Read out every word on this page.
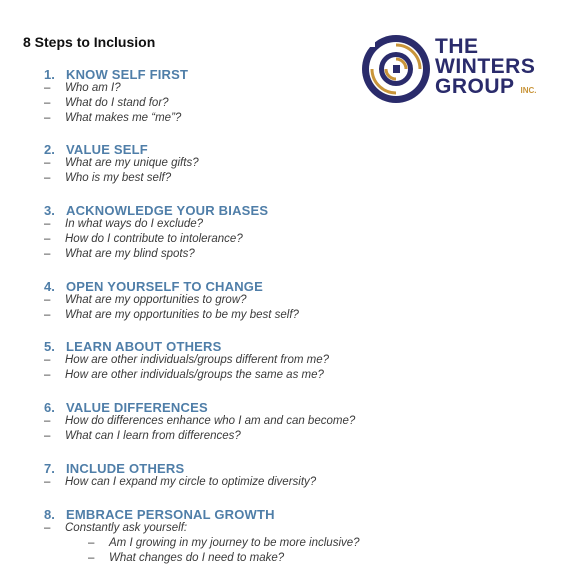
8 Steps to Inclusion	THE
WINTERS
GROUP INC.
1. KNOW SELF FIRST
– Who am I?
– What do I stand for?
– What makes me “me”?
2. VALUE SELF
– What are my unique gifts?
– Who is my best self?
3. ACKNOWLEDGE YOUR BIASES
– In what ways do I exclude?
– How do I contribute to intolerance?
– What are my blind spots?
4. OPEN YOURSELF TO CHANGE
– What are my opportunities to grow?
– What are my opportunities to be my best self?
5. LEARN ABOUT OTHERS
– How are other individuals/groups different from me?
– How are other individuals/groups the same as me?
6. VALUE DIFFERENCES
– How do differences enhance who I am and can become?
– What can I learn from differences?
7. INCLUDE OTHERS
– How can I expand my circle to optimize diversity?
8. EMBRACE PERSONAL GROWTH
– Constantly ask yourself:
– Am I growing in my journey to be more inclusive?
– What changes do I need to make?
